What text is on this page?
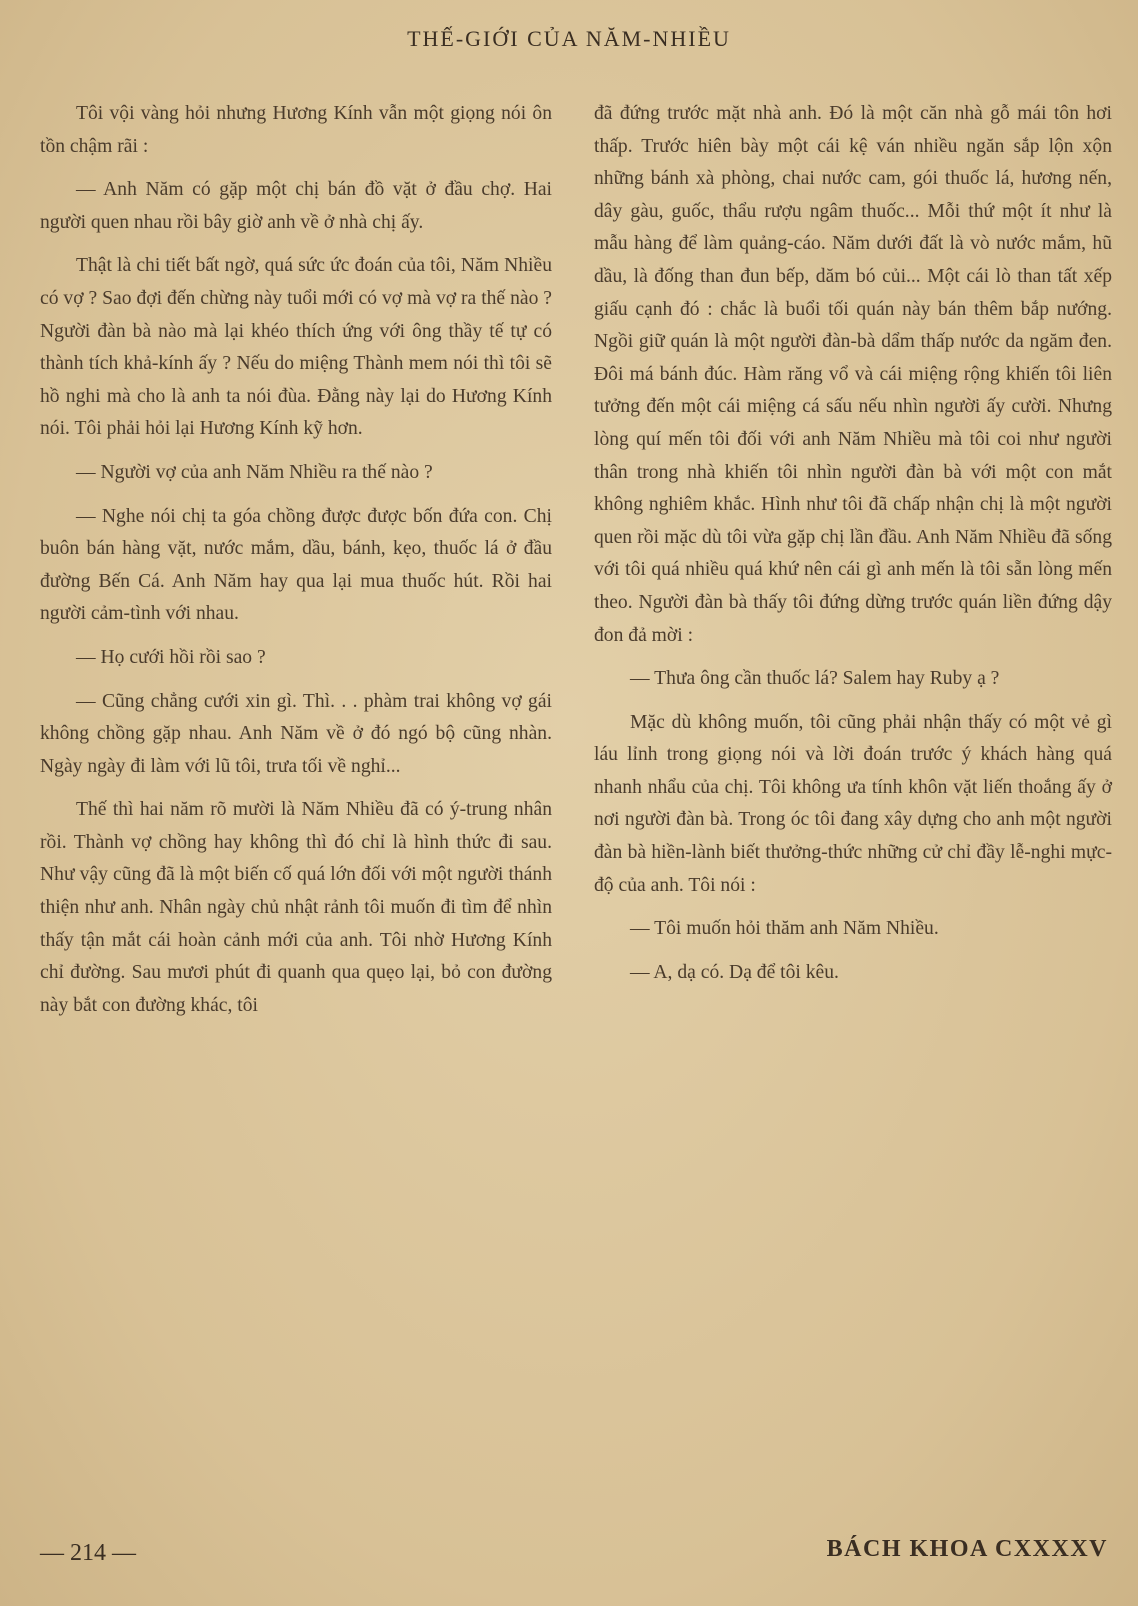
THẾ-GIỚI CỦA NĂM-NHIỀU

Tôi vội vàng hỏi nhưng Hương Kính vẫn một giọng nói ôn tồn chậm rãi :

— Anh Năm có gặp một chị bán đồ vặt ở đầu chợ. Hai người quen nhau rồi bây giờ anh về ở nhà chị ấy.

Thật là chi tiết bất ngờ, quá sức ức đoán của tôi, Năm Nhiều có vợ ? Sao đợi đến chừng này tuổi mới có vợ mà vợ ra thế nào ? Người đàn bà nào mà lại khéo thích ứng với ông thầy tế tự có thành tích khả-kính ấy ? Nếu do miệng Thành mem nói thì tôi sẽ hồ nghi mà cho là anh ta nói đùa. Đằng này lại do Hương Kính nói. Tôi phải hỏi lại Hương Kính kỹ hơn.

— Người vợ của anh Năm Nhiều ra thế nào ?

— Nghe nói chị ta góa chồng được được bốn đứa con. Chị buôn bán hàng vặt, nước mắm, dầu, bánh, kẹo, thuốc lá ở đầu đường Bến Cá. Anh Năm hay qua lại mua thuốc hút. Rồi hai người cảm-tình với nhau.

— Họ cưới hồi rồi sao ?

— Cũng chẳng cưới xin gì. Thì. . . phàm trai không vợ gái không chồng gặp nhau. Anh Năm về ở đó ngó bộ cũng nhàn. Ngày ngày đi làm với lũ tôi, trưa tối về nghỉ...

Thế thì hai năm rõ mười là Năm Nhiều đã có ý-trung nhân rồi. Thành vợ chồng hay không thì đó chỉ là hình thức đi sau. Như vậy cũng đã là một biến cố quá lớn đối với một người thánh thiện như anh. Nhân ngày chủ nhật rảnh tôi muốn đi tìm để nhìn thấy tận mắt cái hoàn cảnh mới của anh. Tôi nhờ Hương Kính chỉ đường. Sau mươi phút đi quanh qua quẹo lại, bỏ con đường này bắt con đường khác, tôi

đã đứng trước mặt nhà anh. Đó là một căn nhà gỗ mái tôn hơi thấp. Trước hiên bày một cái kệ ván nhiều ngăn sắp lộn xộn những bánh xà phòng, chai nước cam, gói thuốc lá, hương nến, dây gàu, guốc, thẩu rượu ngâm thuốc... Mỗi thứ một ít như là mẫu hàng để làm quảng-cáo. Năm dưới đất là vò nước mắm, hũ dầu, là đống than đun bếp, dăm bó củi... Một cái lò than tất xếp giấu cạnh đó : chắc là buổi tối quán này bán thêm bắp nướng. Ngồi giữ quán là một người đàn-bà dẩm thấp nước da ngăm đen. Đôi má bánh đúc. Hàm răng vổ và cái miệng rộng khiến tôi liên tưởng đến một cái miệng cá sấu nếu nhìn người ấy cười. Nhưng lòng quí mến tôi đối với anh Năm Nhiều mà tôi coi như người thân trong nhà khiến tôi nhìn người đàn bà với một con mắt không nghiêm khắc. Hình như tôi đã chấp nhận chị là một người quen rồi mặc dù tôi vừa gặp chị lần đầu. Anh Năm Nhiều đã sống với tôi quá nhiều quá khứ nên cái gì anh mến là tôi sẵn lòng mến theo. Người đàn bà thấy tôi đứng dừng trước quán liền đứng dậy đon đả mời :

— Thưa ông cần thuốc lá? Salem hay Ruby ạ ?

Mặc dù không muốn, tôi cũng phải nhận thấy có một vẻ gì láu lỉnh trong giọng nói và lời đoán trước ý khách hàng quá nhanh nhẩu của chị. Tôi không ưa tính khôn vặt liến thoắng ấy ở nơi người đàn bà. Trong óc tôi đang xây dựng cho anh một người đàn bà hiền-lành biết thưởng-thức những cử chỉ đầy lễ-nghi mực-độ của anh. Tôi nói :

— Tôi muốn hỏi thăm anh Năm Nhiều.

— A, dạ có. Dạ để tôi kêu.

— 214 —	BÁCH KHOA CXXXXV
